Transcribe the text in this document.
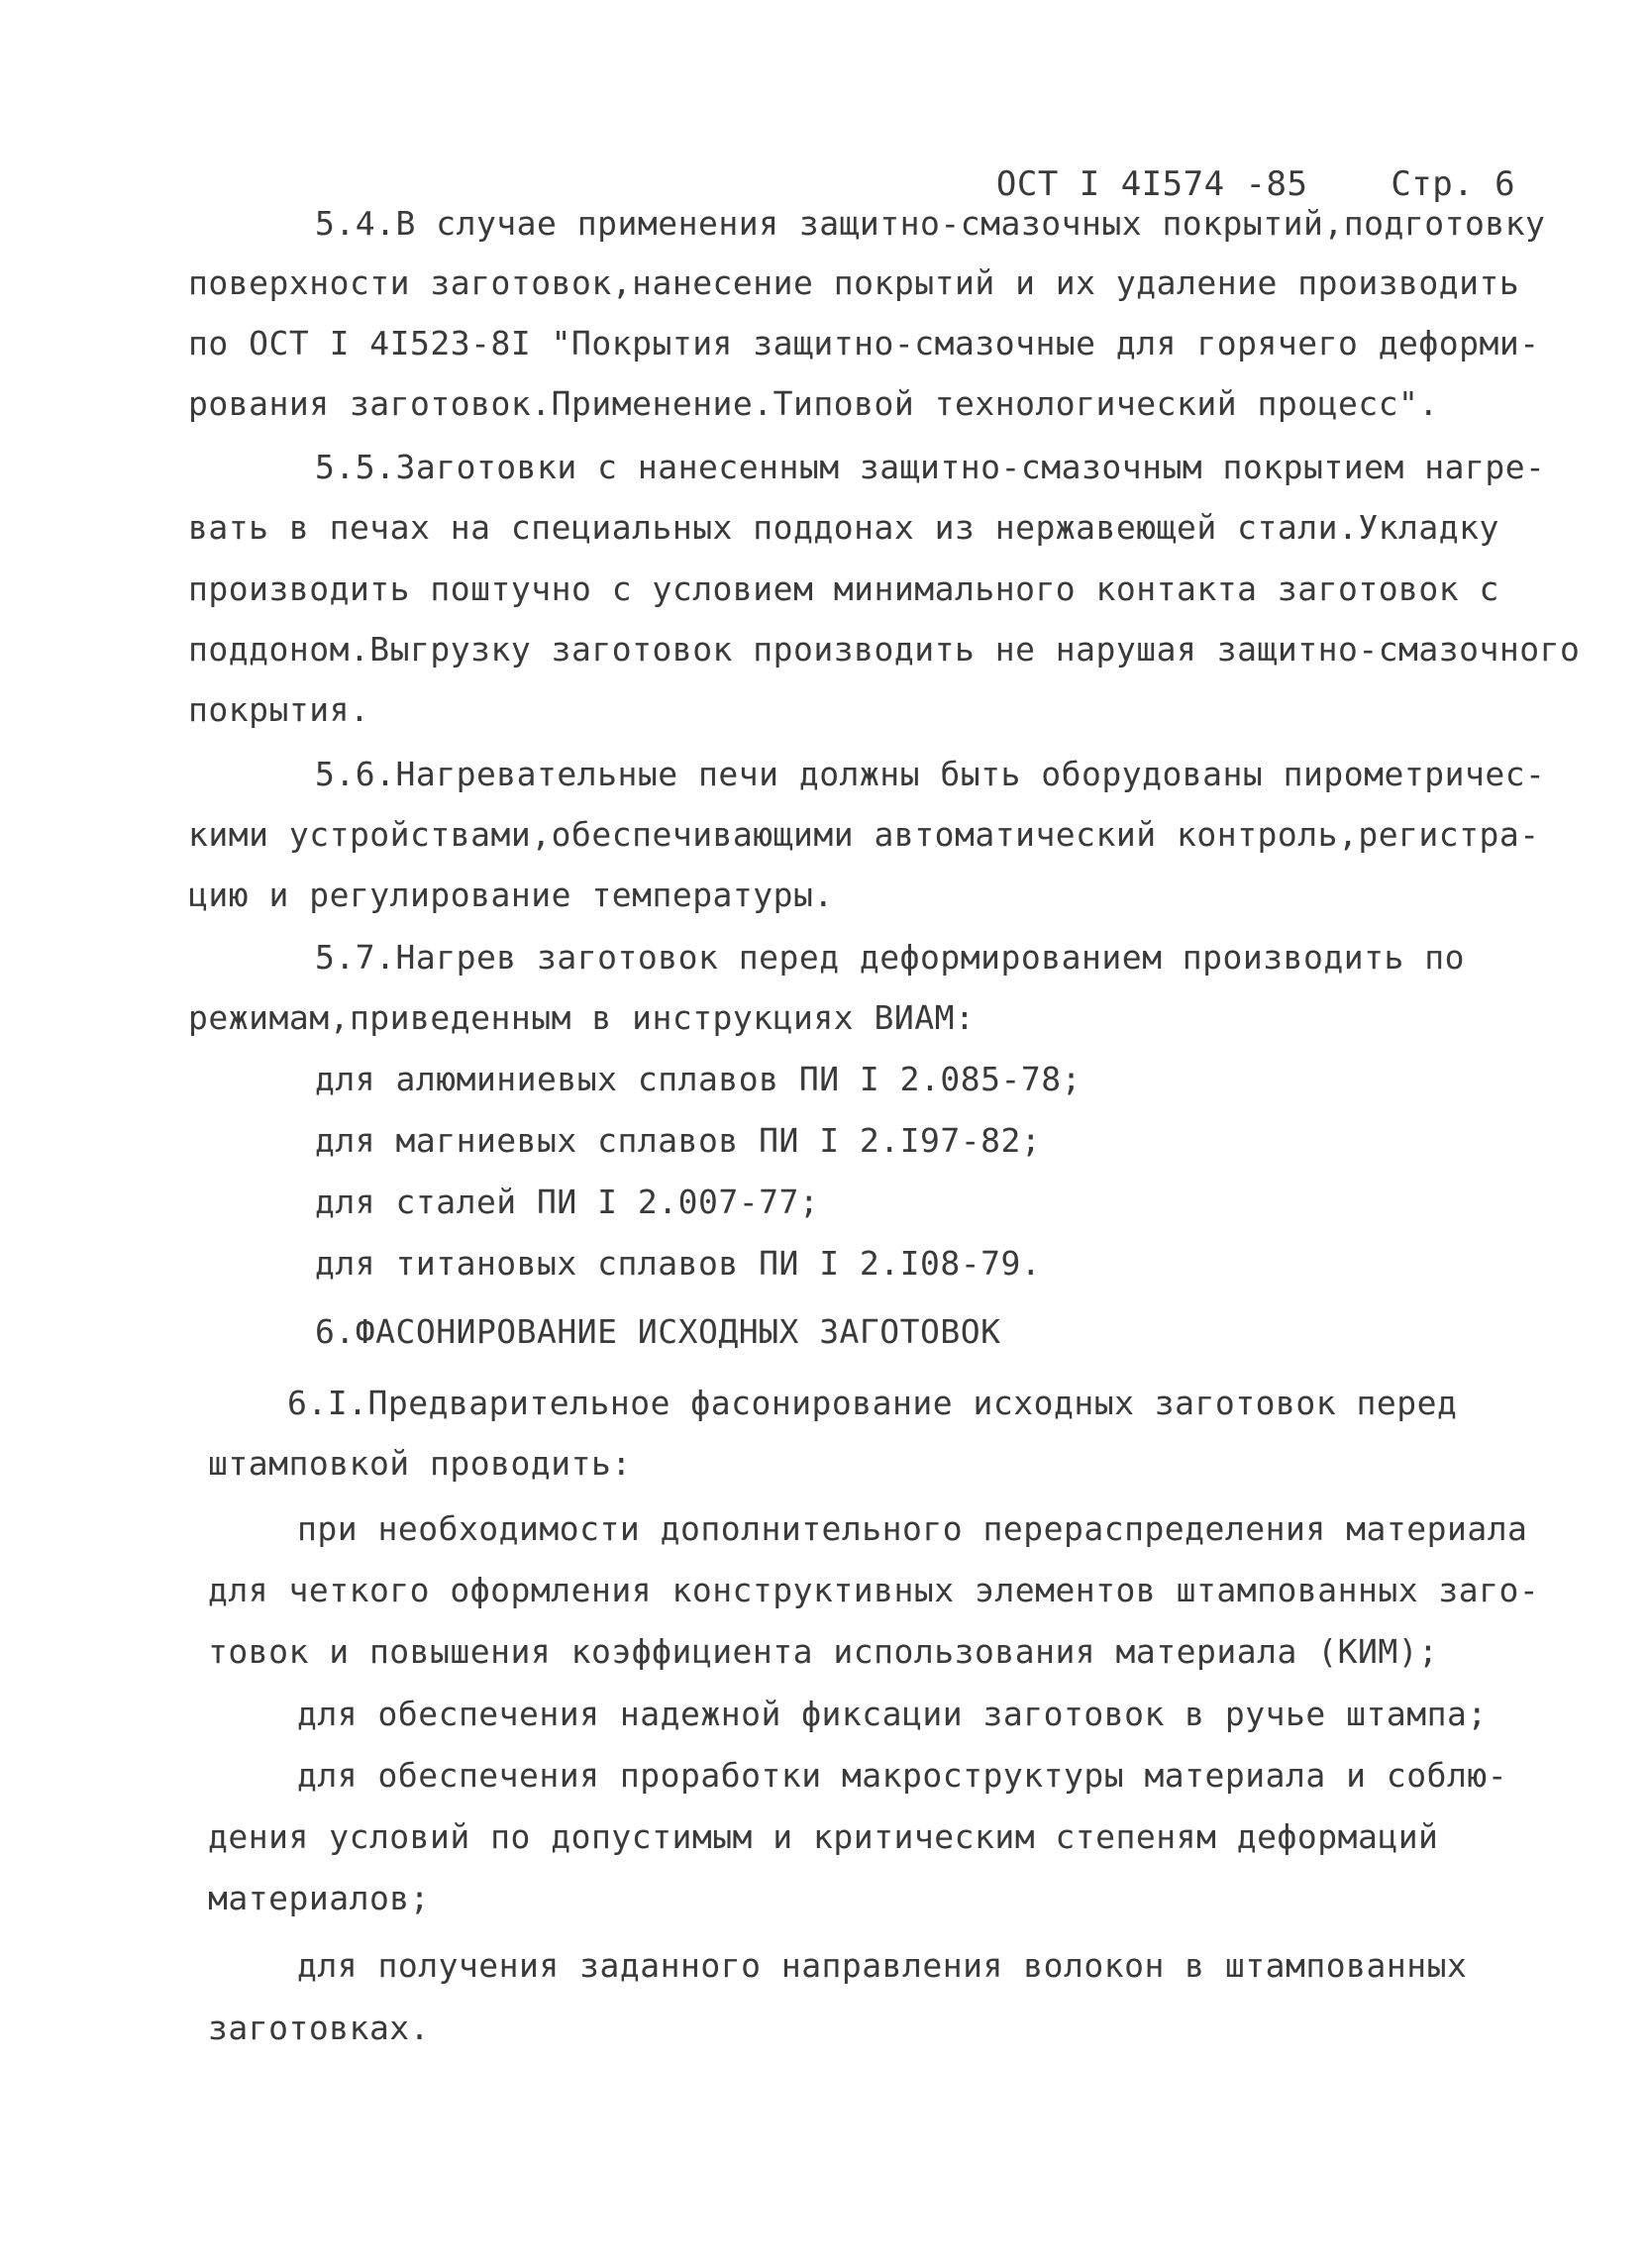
ОСТ I 4I574 -85 Стр. 6

5.4.В случае применения защитно-смазочных покрытий,подготовку
поверхности заготовок,нанесение покрытий и их удаление производить
по ОСТ I 4I523-8I "Покрытия защитно-смазочные для горячего деформи-
рования заготовок.Применение.Типовой технологический процесс".
5.5.Заготовки с нанесенным защитно-смазочным покрытием нагре-
вать в печах на специальных поддонах из нержавеющей стали.Укладку
производить поштучно с условием минимального контакта заготовок с
поддоном.Выгрузку заготовок производить не нарушая защитно-смазочного
покрытия.
5.6.Нагревательные печи должны быть оборудованы пирометричес-
кими устройствами,обеспечивающими автоматический контроль,регистра-
цию и регулирование температуры.
5.7.Нагрев заготовок перед деформированием производить по
режимам,приведенным в инструкциях ВИАМ:
для алюминиевых сплавов ПИ I 2.085-78;
для магниевых сплавов ПИ I 2.I97-82;
для сталей ПИ I 2.007-77;
для титановых сплавов ПИ I 2.I08-79.
6.ФАСОНИРОВАНИЕ ИСХОДНЫХ ЗАГОТОВОК
6.I.Предварительное фасонирование исходных заготовок перед
штамповкой проводить:
при необходимости дополнительного перераспределения материала
для четкого оформления конструктивных элементов штампованных заго-
товок и повышения коэффициента использования материала (КИМ);
для обеспечения надежной фиксации заготовок в ручье штампа;
для обеспечения проработки макроструктуры материала и соблю-
дения условий по допустимым и критическим степеням деформаций
материалов;
для получения заданного направления волокон в штампованных
заготовках.
